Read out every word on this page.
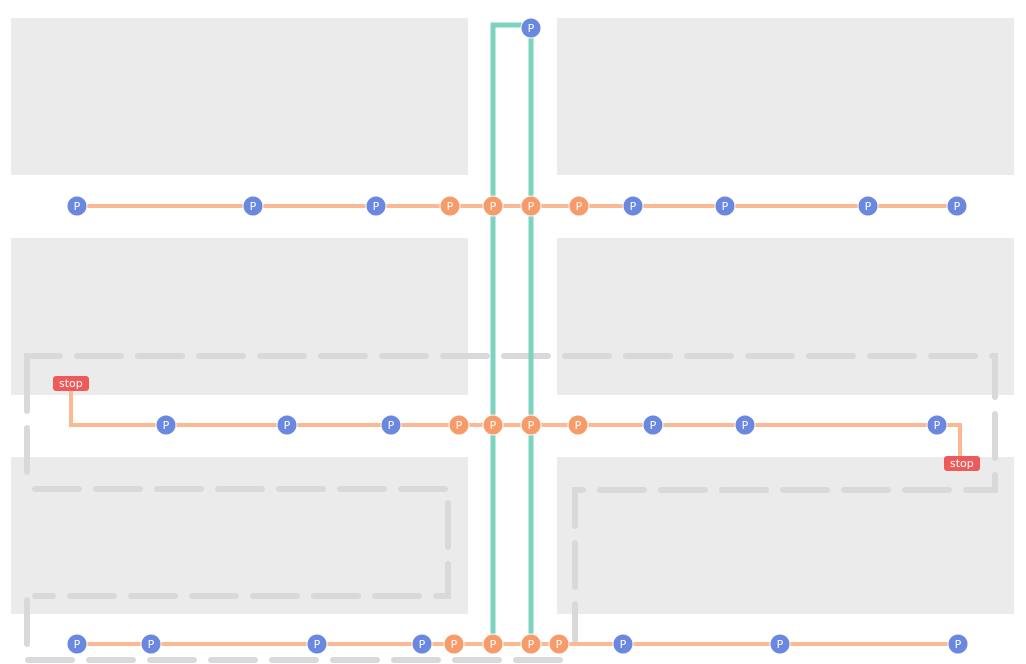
P	P	P	P	P	P	P	P	P	P	P
P	P	P	P P	P	P	P	P	P
P	P	P	P P	P	P P	P	P	P
P
stop
stop
